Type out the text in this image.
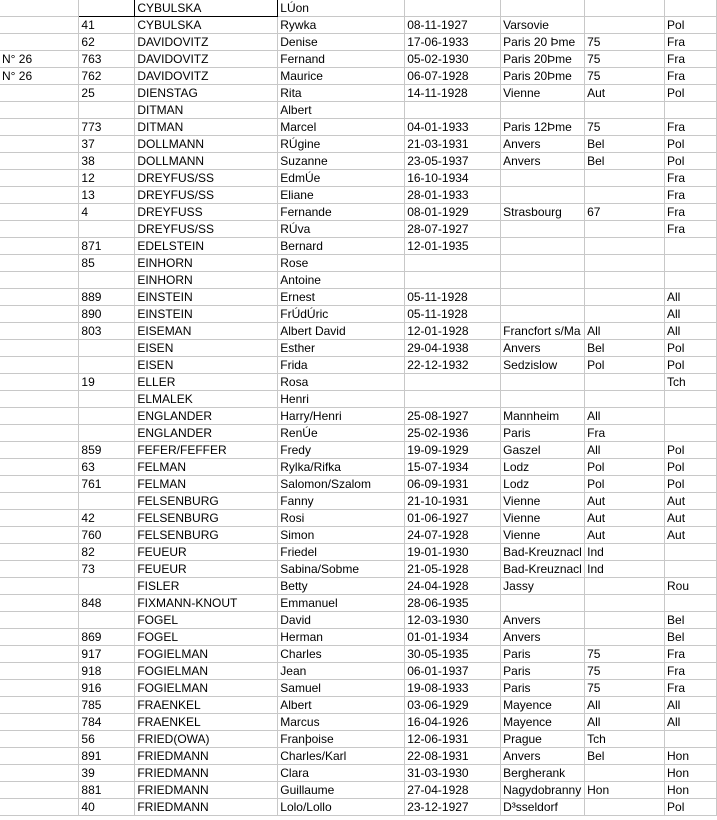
		CYBULSKA	LÚon				
	41	CYBULSKA	Rywka	08-11-1927	Varsovie		Pol
	62	DAVIDOVITZ	Denise	17-06-1933	Paris 20 Þme	75	Fra
N° 26	763	DAVIDOVITZ	Fernand	05-02-1930	Paris 20Þme	75	Fra
N° 26	762	DAVIDOVITZ	Maurice	06-07-1928	Paris 20Þme	75	Fra
	25	DIENSTAG	Rita	14-11-1928	Vienne	Aut	Pol
		DITMAN	Albert				
	773	DITMAN	Marcel	04-01-1933	Paris 12Þme	75	Fra
	37	DOLLMANN	RÚgine	21-03-1931	Anvers	Bel	Pol
	38	DOLLMANN	Suzanne	23-05-1937	Anvers	Bel	Pol
	12	DREYFUS/SS	EdmÚe	16-10-1934			Fra
	13	DREYFUS/SS	Eliane	28-01-1933			Fra
	4	DREYFUSS	Fernande	08-01-1929	Strasbourg	67	Fra
		DREYFUS/SS	RÚva	28-07-1927			Fra
	871	EDELSTEIN	Bernard	12-01-1935			
	85	EINHORN	Rose				
		EINHORN	Antoine				
	889	EINSTEIN	Ernest	05-11-1928			All
	890	EINSTEIN	FrÚdÚric	05-11-1928			All
	803	EISEMAN	Albert David	12-01-1928	Francfort s/Ma	All	All
		EISEN	Esther	29-04-1938	Anvers	Bel	Pol
		EISEN	Frida	22-12-1932	Sedzislow	Pol	Pol
	19	ELLER	Rosa				Tch
		ELMALEK	Henri				
		ENGLANDER	Harry/Henri	25-08-1927	Mannheim	All	
		ENGLANDER	RenÚe	25-02-1936	Paris	Fra	
	859	FEFER/FEFFER	Fredy	19-09-1929	Gaszel	All	Pol
	63	FELMAN	Rylka/Rifka	15-07-1934	Lodz	Pol	Pol
	761	FELMAN	Salomon/Szalom	06-09-1931	Lodz	Pol	Pol
		FELSENBURG	Fanny	21-10-1931	Vienne	Aut	Aut
	42	FELSENBURG	Rosi	01-06-1927	Vienne	Aut	Aut
	760	FELSENBURG	Simon	24-07-1928	Vienne	Aut	Aut
	82	FEUEUR	Friedel	19-01-1930	Bad-Kreuznacl	Ind	
	73	FEUEUR	Sabina/Sobme	21-05-1928	Bad-Kreuznacl	Ind	
		FISLER	Betty	24-04-1928	Jassy		Rou
	848	FIXMANN-KNOUT	Emmanuel	28-06-1935			
		FOGEL	David	12-03-1930	Anvers		Bel
	869	FOGEL	Herman	01-01-1934	Anvers		Bel
	917	FOGIELMAN	Charles	30-05-1935	Paris	75	Fra
	918	FOGIELMAN	Jean	06-01-1937	Paris	75	Fra
	916	FOGIELMAN	Samuel	19-08-1933	Paris	75	Fra
	785	FRAENKEL	Albert	03-06-1929	Mayence	All	All
	784	FRAENKEL	Marcus	16-04-1926	Mayence	All	All
	56	FRIED(OWA)	Franþoise	12-06-1931	Prague	Tch	
	891	FRIEDMANN	Charles/Karl	22-08-1931	Anvers	Bel	Hon
	39	FRIEDMANN	Clara	31-03-1930	Bergherank		Hon
	881	FRIEDMANN	Guillaume	27-04-1928	Nagydobranny	Hon	Hon
	40	FRIEDMANN	Lolo/Lollo	23-12-1927	D³sseldorf		Pol
